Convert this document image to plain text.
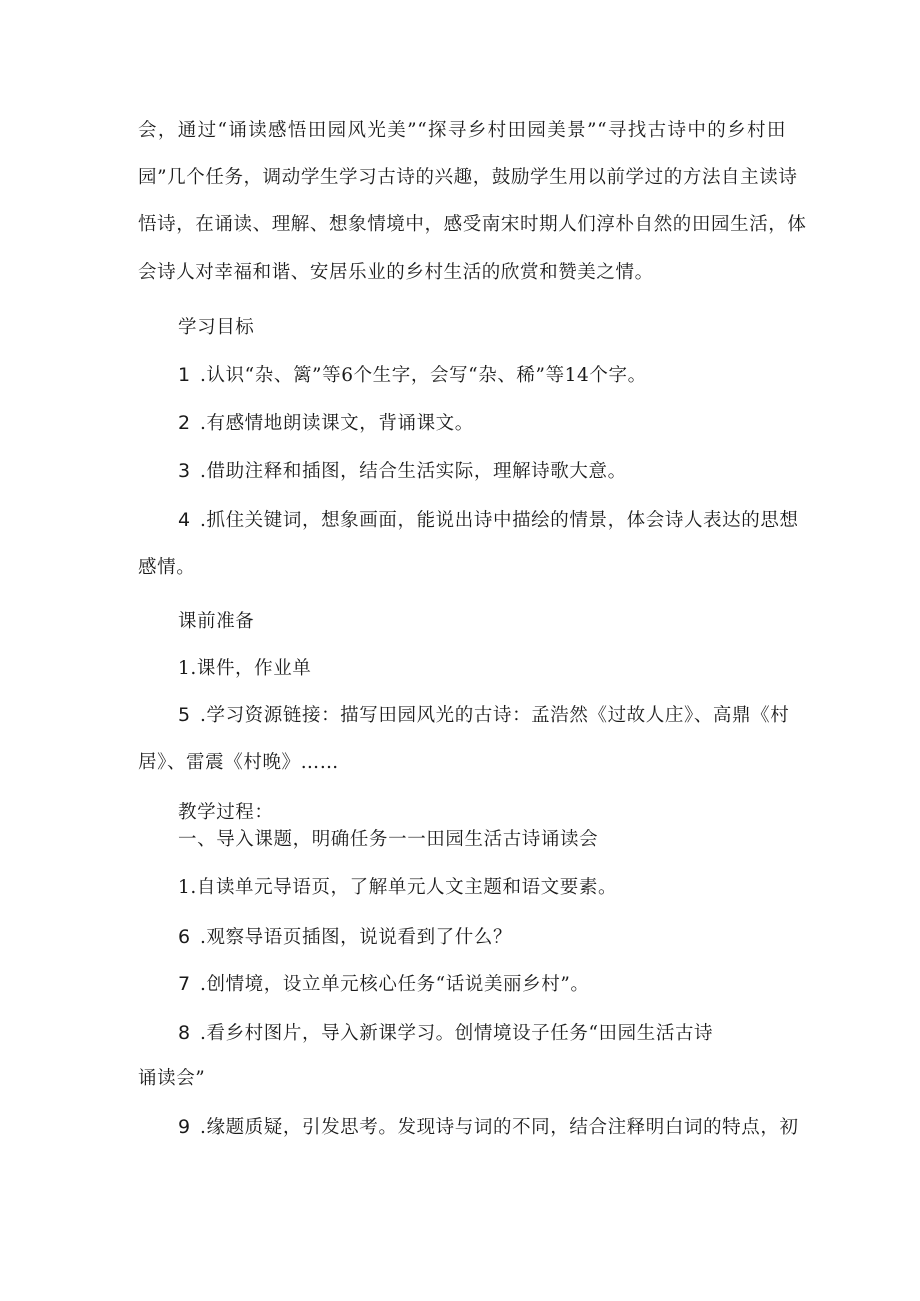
会，通过“诵读感悟田园风光美”“探寻乡村田园美景”“寻找古诗中的乡村田
园”几个任务，调动学生学习古诗的兴趣，鼓励学生用以前学过的方法自主读诗
悟诗，在诵读、理解、想象情境中，感受南宋时期人们淳朴自然的田园生活，体
会诗人对幸福和谐、安居乐业的乡村生活的欣赏和赞美之情。
学习目标
1 .认识“杂、篱”等6个生字，会写“杂、稀”等14个字。
2 .有感情地朗读课文，背诵课文。
3 .借助注释和插图，结合生活实际，理解诗歌大意。
4 .抓住关键词，想象画面，能说出诗中描绘的情景，体会诗人表达的思想
感情。
课前准备
1.课件，作业单
5 .学习资源链接：描写田园风光的古诗：孟浩然《过故人庄》、高鼎《村
居》、雷震《村晚》……
教学过程：
一、导入课题，明确任务一一田园生活古诗诵读会
1.自读单元导语页，了解单元人文主题和语文要素。
6 .观察导语页插图，说说看到了什么？
7 .创情境，设立单元核心任务“话说美丽乡村”。
8 .看乡村图片，导入新课学习。创情境设子任务“田园生活古诗
诵读会”
9 .缘题质疑，引发思考。发现诗与词的不同，结合注释明白词的特点，初
